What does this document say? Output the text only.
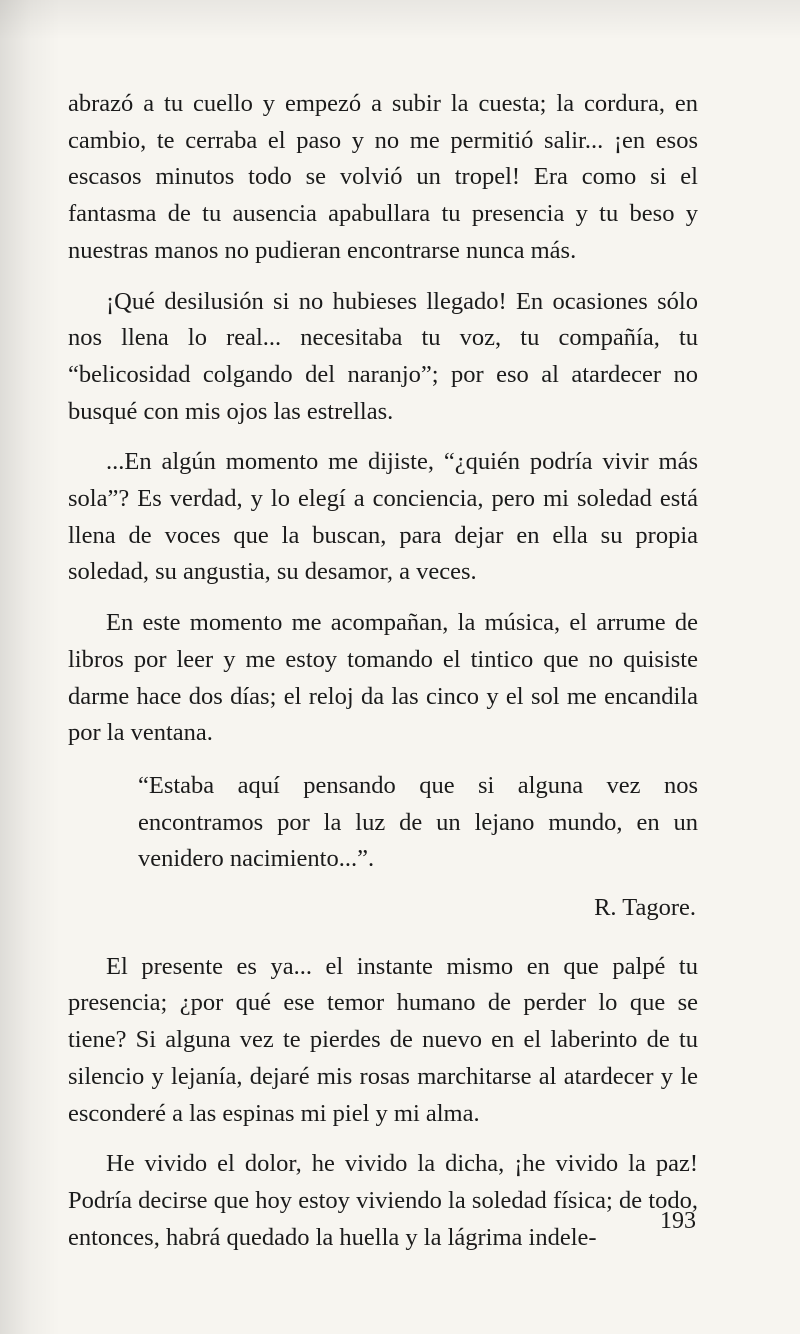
abrazó a tu cuello y empezó a subir la cuesta; la cordura, en cambio, te cerraba el paso y no me permitió salir... ¡en esos escasos minutos todo se volvió un tropel! Era como si el fantasma de tu ausencia apabullara tu presencia y tu beso y nuestras manos no pudieran encontrarse nunca más.

¡Qué desilusión si no hubieses llegado! En ocasiones sólo nos llena lo real... necesitaba tu voz, tu compañía, tu “belicosidad colgando del naranjo”; por eso al atardecer no busqué con mis ojos las estrellas.

...En algún momento me dijiste, “¿quién podría vivir más sola”? Es verdad, y lo elegí a conciencia, pero mi soledad está llena de voces que la buscan, para dejar en ella su propia soledad, su angustia, su desamor, a veces.

En este momento me acompañan, la música, el arrume de libros por leer y me estoy tomando el tintico que no quisiste darme hace dos días; el reloj da las cinco y el sol me encandila por la ventana.

“Estaba aquí pensando que si alguna vez nos encontramos por la luz de un lejano mundo, en un venidero nacimiento...”.

R. Tagore.

El presente es ya... el instante mismo en que palpé tu presencia; ¿por qué ese temor humano de perder lo que se tiene? Si alguna vez te pierdes de nuevo en el laberinto de tu silencio y lejanía, dejaré mis rosas marchitarse al atardecer y le esconderé a las espinas mi piel y mi alma.

He vivido el dolor, he vivido la dicha, ¡he vivido la paz! Podría decirse que hoy estoy viviendo la soledad física; de todo, entonces, habrá quedado la huella y la lágrima indele-

193
